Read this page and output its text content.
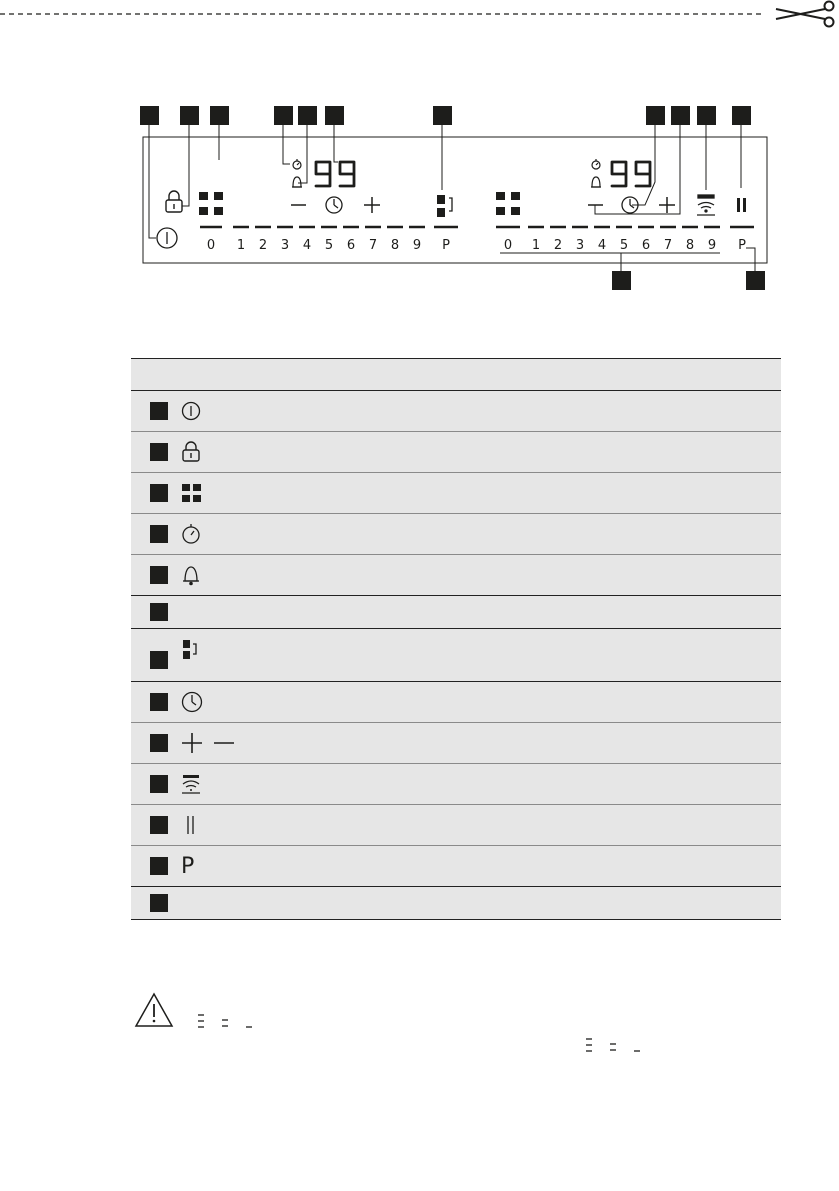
0 1 2 3 4 5 6 7 8 9 P	0 1 2 3 4 5 6 7 8 9 P
P
